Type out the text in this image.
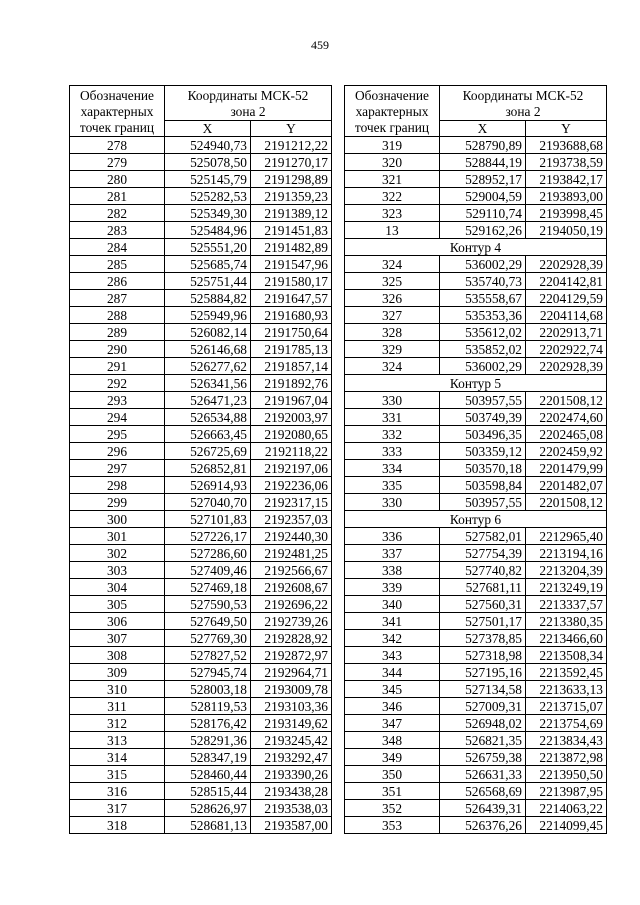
459
Обозначение
характерных
точек границ	Координаты МСК-52
зона 2	
	X	Y
278	524940,73	2191212,22
279	525078,50	2191270,17
280	525145,79	2191298,89
281	525282,53	2191359,23
282	525349,30	2191389,12
283	525484,96	2191451,83
284	525551,20	2191482,89
285	525685,74	2191547,96
286	525751,44	2191580,17
287	525884,82	2191647,57
288	525949,96	2191680,93
289	526082,14	2191750,64
290	526146,68	2191785,13
291	526277,62	2191857,14
292	526341,56	2191892,76
293	526471,23	2191967,04
294	526534,88	2192003,97
295	526663,45	2192080,65
296	526725,69	2192118,22
297	526852,81	2192197,06
298	526914,93	2192236,06
299	527040,70	2192317,15
300	527101,83	2192357,03
301	527226,17	2192440,30
302	527286,60	2192481,25
303	527409,46	2192566,67
304	527469,18	2192608,67
305	527590,53	2192696,22
306	527649,50	2192739,26
307	527769,30	2192828,92
308	527827,52	2192872,97
309	527945,74	2192964,71
310	528003,18	2193009,78
311	528119,53	2193103,36
312	528176,42	2193149,62
313	528291,36	2193245,42
314	528347,19	2193292,47
315	528460,44	2193390,26
316	528515,44	2193438,28
317	528626,97	2193538,03
318	528681,13	2193587,00
Обозначение
характерных
точек границ	Координаты МСК-52
зона 2	
	X	Y
319	528790,89	2193688,68
320	528844,19	2193738,59
321	528952,17	2193842,17
322	529004,59	2193893,00
323	529110,74	2193998,45
13	529162,26	2194050,19
Контур 4		
324	536002,29	2202928,39
325	535740,73	2204142,81
326	535558,67	2204129,59
327	535353,36	2204114,68
328	535612,02	2202913,71
329	535852,02	2202922,74
324	536002,29	2202928,39
Контур 5		
330	503957,55	2201508,12
331	503749,39	2202474,60
332	503496,35	2202465,08
333	503359,12	2202459,92
334	503570,18	2201479,99
335	503598,84	2201482,07
330	503957,55	2201508,12
Контур 6		
336	527582,01	2212965,40
337	527754,39	2213194,16
338	527740,82	2213204,39
339	527681,11	2213249,19
340	527560,31	2213337,57
341	527501,17	2213380,35
342	527378,85	2213466,60
343	527318,98	2213508,34
344	527195,16	2213592,45
345	527134,58	2213633,13
346	527009,31	2213715,07
347	526948,02	2213754,69
348	526821,35	2213834,43
349	526759,38	2213872,98
350	526631,33	2213950,50
351	526568,69	2213987,95
352	526439,31	2214063,22
353	526376,26	2214099,45
